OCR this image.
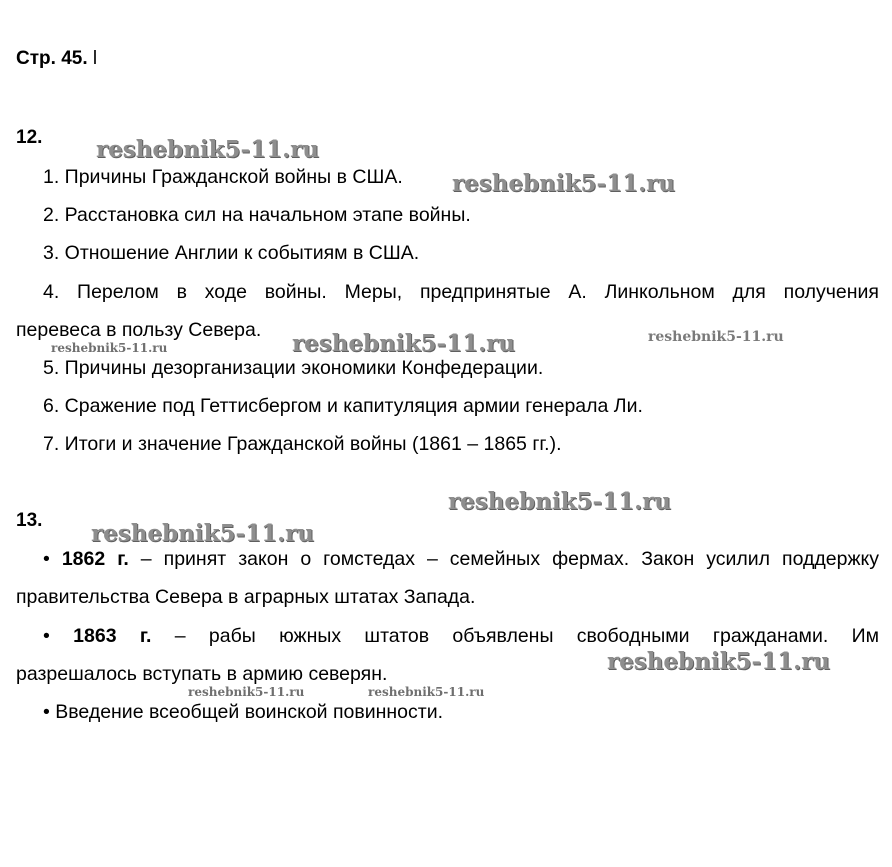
Стр. 45. l
12.
1. Причины Гражданской войны в США.
2. Расстановка сил на начальном этапе войны.
3. Отношение Англии к событиям в США.
4. Перелом в ходе войны. Меры, предпринятые А. Линкольном для получения
перевеса в пользу Севера.
5. Причины дезорганизации экономики Конфедерации.
6. Сражение под Геттисбергом и капитуляция армии генерала Ли.
7. Итоги и значение Гражданской войны (1861 – 1865 гг.).
13.
• 1862 г. – принят закон о гомстедах – семейных фермах. Закон усилил поддержку
правительства Севера в аграрных штатах Запада.
• 1863 г. – рабы южных штатов объявлены свободными гражданами. Им
разрешалось вступать в армию северян.
• Введение всеобщей воинской повинности.
reshebnik5-11.ru
reshebnik5-11.ru
reshebnik5-11.ru	reshebnik5-11.ru
reshebnik5-11.ru
reshebnik5-11.ru
reshebnik5-11.ru
reshebnik5-11.ru
reshebnik5-11.ru	reshebnik5-11.ru
